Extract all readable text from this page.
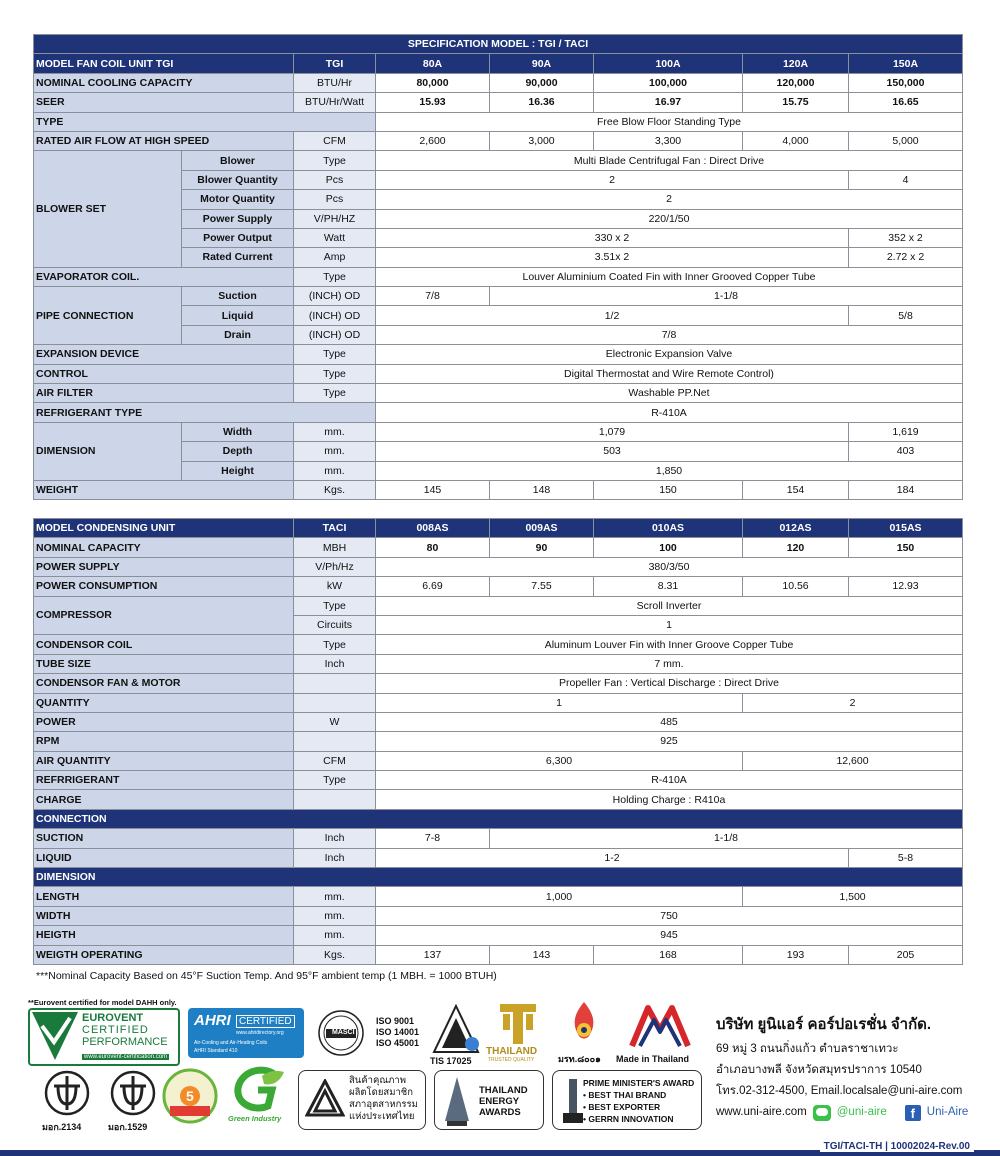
SPECIFICATION MODEL : TGI / TACI							
MODEL FAN COIL UNIT TGI		TGI	80A	90A	100A	120A	150A
NOMINAL COOLING CAPACITY		BTU/Hr	80,000	90,000	100,000	120,000	150,000
SEER		BTU/Hr/Watt	15.93	16.36	16.97	15.75	16.65
TYPE			Free Blow Floor Standing Type				
RATED AIR FLOW AT HIGH SPEED		CFM	2,600	3,000	3,300	4,000	5,000
BLOWER SET	Blower	Type	Multi Blade Centrifugal Fan : Direct Drive				
	Blower Quantity	Pcs	2				4
	Motor Quantity	Pcs	2				
	Power Supply	V/PH/HZ	220/1/50				
	Power Output	Watt	330 x 2				352 x 2
	Rated Current	Amp	3.51x 2				2.72 x 2
EVAPORATOR COIL.		Type	Louver Aluminium Coated Fin with Inner Grooved Copper Tube				
PIPE CONNECTION	Suction	(INCH) OD	7/8	1-1/8			
	Liquid	(INCH) OD	1/2				5/8
	Drain	(INCH) OD	7/8				
EXPANSION DEVICE		Type	Electronic Expansion Valve				
CONTROL		Type	Digital Thermostat and Wire Remote Control)				
AIR FILTER		Type	Washable PP.Net				
REFRIGERANT TYPE			R-410A				
DIMENSION	Width	mm.	1,079				1,619
	Depth	mm.	503				403
	Height	mm.	1,850				
WEIGHT		Kgs.	145	148	150	154	184
MODEL CONDENSING UNIT	TACI	008AS	009AS	010AS	012AS	015AS
NOMINAL CAPACITY	MBH	80	90	100	120	150
POWER SUPPLY	V/Ph/Hz	380/3/50				
POWER CONSUMPTION	kW	6.69	7.55	8.31	10.56	12.93
COMPRESSOR	Type	Scroll Inverter				
	Circuits	1				
CONDENSOR COIL	Type	Aluminum Louver Fin with Inner Groove Copper Tube				
TUBE SIZE	Inch	7 mm.				
CONDENSOR FAN & MOTOR		Propeller Fan : Vertical Discharge : Direct Drive				
QUANTITY		1			2	
POWER	W	485				
RPM		925				
AIR QUANTITY	CFM	6,300			12,600	
REFRRIGERANT	Type	R-410A				
CHARGE		Holding Charge : R410a				
CONNECTION						
SUCTION	Inch	7-8	1-1/8			
LIQUID	Inch	1-2				5-8
DIMENSION						
LENGTH	mm.	1,000			1,500	
WIDTH	mm.	750				
HEIGTH	mm.	945				
WEIGTH OPERATING	Kgs.	137	143	168	193	205
***Nominal Capacity Based on 45°F Suction Temp. And 95°F ambient temp (1 MBH. = 1000 BTUH)
**Eurovent certified for model DAHH only.
EUROVENT
CERTIFIED
PERFORMANCE
www.eurovent-certification.com
AHRI CERTIFIED
www.ahridirectory.org
Air-Cooling and Air-Heating Coils
AHRI Standard 410
MASCI
ISO 9001
ISO 14001
ISO 45001
TIS 17025
THAILAND
TRUSTED QUALITY	มรท.๘๐๐๑ Made in Thailand
มอก.2134	มอก.1529
5
Green Industry
สินค้าคุณภาพ
ผลิตโดยสมาชิก
สภาอุตสาหกรรม
แห่งประเทศไทย
THAILAND
ENERGY
AWARDS
PRIME MINISTER'S AWARD
• BEST THAI BRAND
• BEST EXPORTER
• GERRN INNOVATION
บริษัท ยูนิแอร์ คอร์ปอเรชั่น จำกัด.
69 หมู่ 3 ถนนกิ่งแก้ว ตำบลราชาเทวะ
อำเภอบางพลี จังหวัดสมุทรปราการ 10540
โทร.02-312-4500, Email.localsale@uni-aire.com
www.uni-aire.com	@uni-aire	f	Uni-Aire
TGI/TACI-TH | 10002024-Rev.00
